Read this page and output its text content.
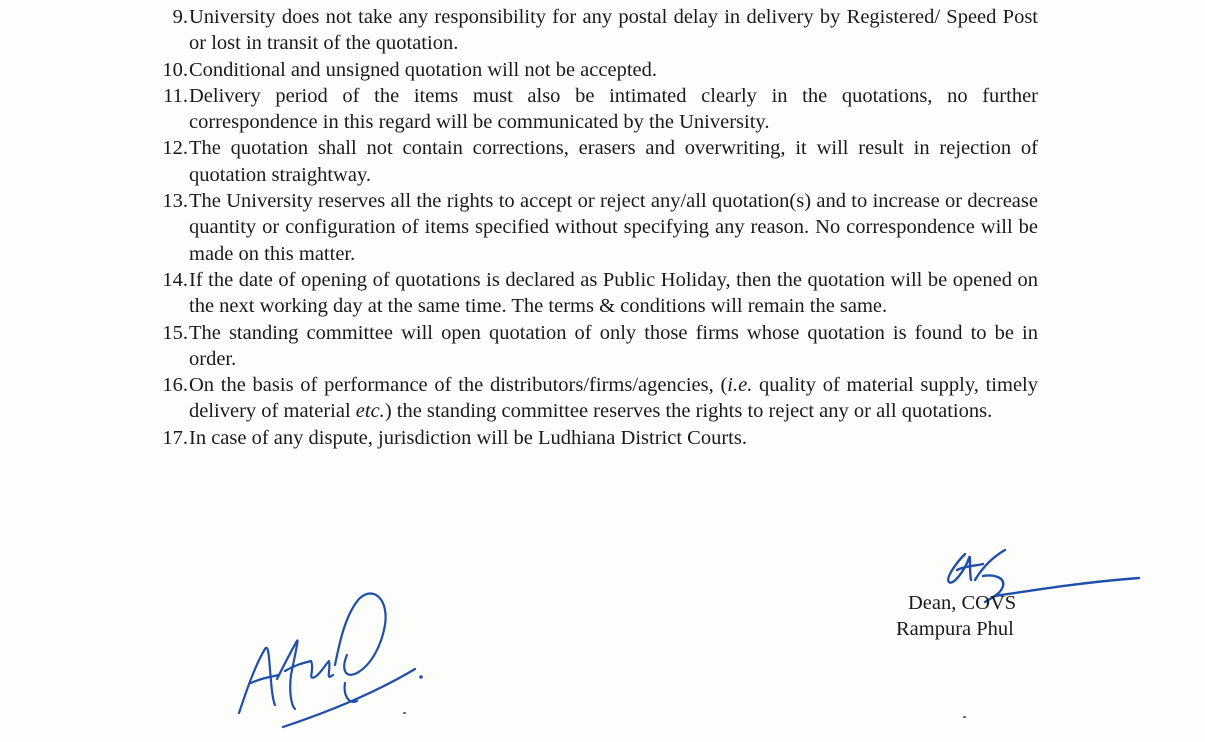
9. University does not take any responsibility for any postal delay in delivery by Registered/ Speed Post or lost in transit of the quotation.
10. Conditional and unsigned quotation will not be accepted.
11. Delivery period of the items must also be intimated clearly in the quotations, no further correspondence in this regard will be communicated by the University.
12. The quotation shall not contain corrections, erasers and overwriting, it will result in rejection of quotation straightway.
13. The University reserves all the rights to accept or reject any/all quotation(s) and to increase or decrease quantity or configuration of items specified without specifying any reason. No correspondence will be made on this matter.
14. If the date of opening of quotations is declared as Public Holiday, then the quotation will be opened on the next working day at the same time. The terms & conditions will remain the same.
15. The standing committee will open quotation of only those firms whose quotation is found to be in order.
16. On the basis of performance of the distributors/firms/agencies, (i.e. quality of material supply, timely delivery of material etc.) the standing committee reserves the rights to reject any or all quotations.
17. In case of any dispute, jurisdiction will be Ludhiana District Courts.
Dean, COVS
Rampura Phul
